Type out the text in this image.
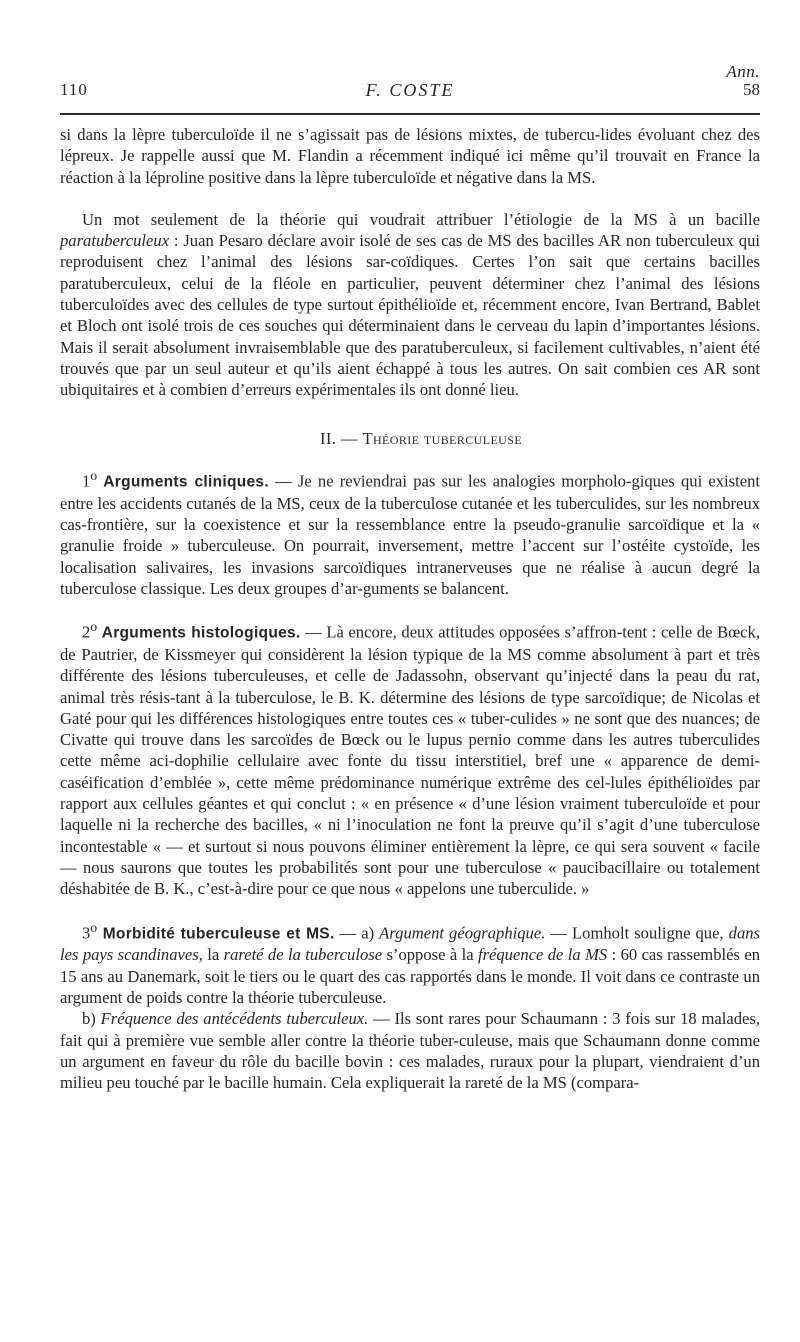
Ann.
110	F. COSTE	58

si dans la lèpre tuberculoïde il ne s’agissait pas de lésions mixtes, de tubercu-lides évoluant chez des lépreux. Je rappelle aussi que M. Flandin a récemment indiqué ici même qu’il trouvait en France la réaction à la léproline positive dans la lèpre tuberculoïde et négative dans la MS.

Un mot seulement de la théorie qui voudrait attribuer l’étiologie de la MS à un bacille paratuberculeux : Juan Pesaro déclare avoir isolé de ses cas de MS des bacilles AR non tuberculeux qui reproduisent chez l’animal des lésions sar-coïdiques. Certes l’on sait que certains bacilles paratuberculeux, celui de la fléole en particulier, peuvent déterminer chez l’animal des lésions tuberculoïdes avec des cellules de type surtout épithélioïde et, récemment encore, Ivan Bertrand, Bablet et Bloch ont isolé trois de ces souches qui déterminaient dans le cerveau du lapin d’importantes lésions. Mais il serait absolument invraisemblable que des paratuberculeux, si facilement cultivables, n’aient été trouvés que par un seul auteur et qu’ils aient échappé à tous les autres. On sait combien ces AR sont ubiquitaires et à combien d’erreurs expérimentales ils ont donné lieu.

II. — Théorie tuberculeuse

1$^o$ Arguments cliniques. — Je ne reviendrai pas sur les analogies morpholo-giques qui existent entre les accidents cutanés de la MS, ceux de la tuberculose cutanée et les tuberculides, sur les nombreux cas-frontière, sur la coexistence et sur la ressemblance entre la pseudo-granulie sarcoïdique et la « granulie froide » tuberculeuse. On pourrait, inversement, mettre l’accent sur l’ostéite cystoïde, les localisation salivaires, les invasions sarcoïdiques intranerveuses que ne réalise à aucun degré la tuberculose classique. Les deux groupes d’ar-guments se balancent.

2$^o$ Arguments histologiques. — Là encore, deux attitudes opposées s’affron-tent : celle de Bœck, de Pautrier, de Kissmeyer qui considèrent la lésion typique de la MS comme absolument à part et très différente des lésions tuberculeuses, et celle de Jadassohn, observant qu’injecté dans la peau du rat, animal très résis-tant à la tuberculose, le B. K. détermine des lésions de type sarcoïdique; de Nicolas et Gaté pour qui les différences histologiques entre toutes ces « tuber-culides » ne sont que des nuances; de Civatte qui trouve dans les sarcoïdes de Bœck ou le lupus pernio comme dans les autres tuberculides cette même aci-dophilie cellulaire avec fonte du tissu interstitiel, bref une « apparence de demi-caséification d’emblée », cette même prédominance numérique extrême des cel-lules épithélioïdes par rapport aux cellules géantes et qui conclut : « en présence « d’une lésion vraiment tuberculoïde et pour laquelle ni la recherche des bacilles, « ni l’inoculation ne font la preuve qu’il s’agit d’une tuberculose incontestable « — et surtout si nous pouvons éliminer entièrement la lèpre, ce qui sera souvent « facile — nous saurons que toutes les probabilités sont pour une tuberculose « paucibacillaire ou totalement déshabitée de B. K., c’est-à-dire pour ce que nous « appelons une tuberculide. »

3$^o$ Morbidité tuberculeuse et MS. — a) Argument géographique. — Lomholt souligne que, dans les pays scandinaves, la rareté de la tuberculose s’oppose à la fréquence de la MS : 60 cas rassemblés en 15 ans au Danemark, soit le tiers ou le quart des cas rapportés dans le monde. Il voit dans ce contraste un argument de poids contre la théorie tuberculeuse.

b) Fréquence des antécédents tuberculeux. — Ils sont rares pour Schaumann : 3 fois sur 18 malades, fait qui à première vue semble aller contre la théorie tuber-culeuse, mais que Schaumann donne comme un argument en faveur du rôle du bacille bovin : ces malades, ruraux pour la plupart, viendraient d’un milieu peu touché par le bacille humain. Cela expliquerait la rareté de la MS (compara-
